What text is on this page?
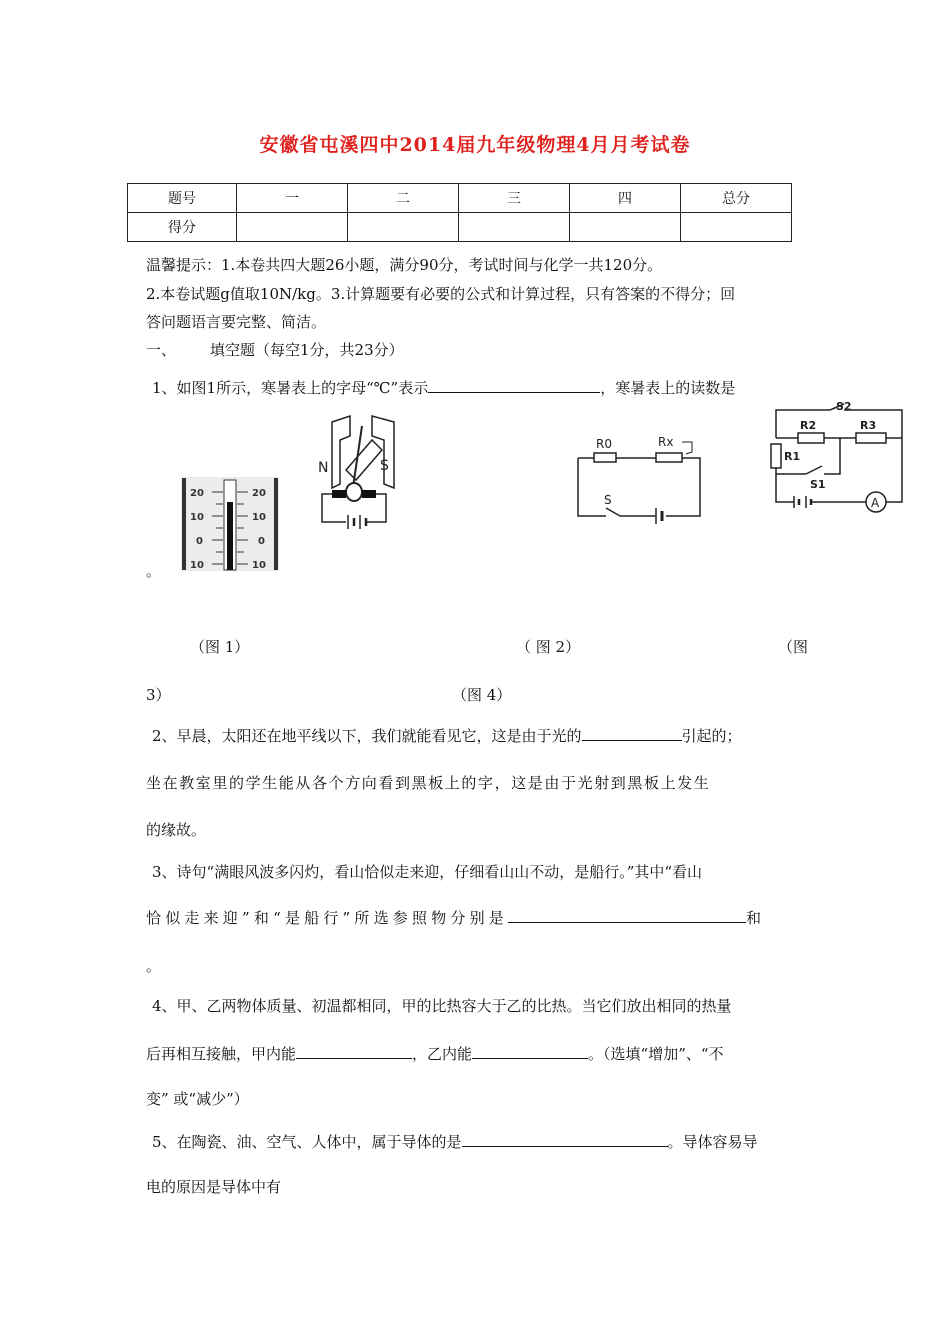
安徽省屯溪四中2014届九年级物理4月月考试卷
题号	一	二	三	四	总分
得分					
温馨提示：1.本卷共四大题26小题，满分90分，考试时间与化学一共120分。
2.本卷试题g值取10N/kg。3.计算题要有必要的公式和计算过程，只有答案的不得分；回
答问题语言要完整、简洁。
一、 填空题（每空1分，共23分）
1、如图1所示，寒暑表上的字母“℃”表示	，寒暑表上的读数是
20	20
10	10
0	0
10	10
N	S
R0	Rx
S
S2
R2	R3
R1
S1
A
。
（图 1）	（ 图 2）	（图
3）	（图 4）
2、早晨，太阳还在地平线以下，我们就能看见它，这是由于光的	引起的；
坐在教室里的学生能从各个方向看到黑板上的字，这是由于光射到黑板上发生
的缘故。
3、诗句“满眼风波多闪灼，看山恰似走来迎，仔细看山山不动，是船行。”其中“看山
恰似走来迎”和“是船行”所选参照物分别是	和
。
4、甲、乙两物体质量、初温都相同，甲的比热容大于乙的比热。当它们放出相同的热量
后再相互接触，甲内能	，乙内能	。（选填“增加”、“不
变” 或“减少”）
5、在陶瓷、油、空气、人体中，属于导体的是	。导体容易导
电的原因是导体中有
